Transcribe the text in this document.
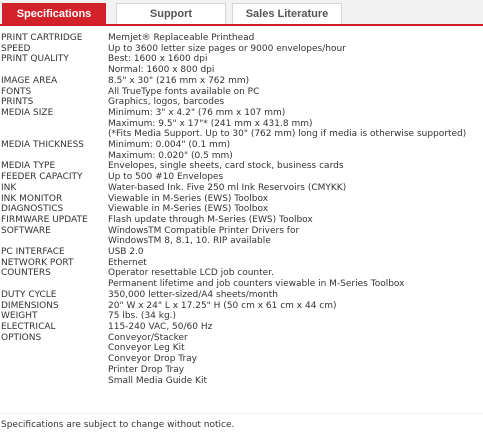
Specifications	Support	Sales Literature
PRINT CARTRIDGE	Memjet® Replaceable Printhead
SPEED	Up to 3600 letter size pages or 9000 envelopes/hour
PRINT QUALITY	Best: 1600 x 1600 dpi
Normal: 1600 x 800 dpi
IMAGE AREA	8.5" x 30" (216 mm x 762 mm)
FONTS	All TrueType fonts available on PC
PRINTS	Graphics, logos, barcodes
MEDIA SIZE	Minimum: 3" x 4.2" (76 mm x 107 mm)
Maximum: 9.5" x 17"* (241 mm x 431.8 mm)
(*Fits Media Support. Up to 30" (762 mm) long if media is otherwise supported)
MEDIA THICKNESS	Minimum: 0.004" (0.1 mm)
Maximum: 0.020" (0.5 mm)
MEDIA TYPE	Envelopes, single sheets, card stock, business cards
FEEDER CAPACITY	Up to 500 #10 Envelopes
INK	Water-based Ink. Five 250 ml Ink Reservoirs (CMYKK)
INK MONITOR	Viewable in M-Series (EWS) Toolbox
DIAGNOSTICS	Viewable in M-Series (EWS) Toolbox
FIRMWARE UPDATE	Flash update through M-Series (EWS) Toolbox
SOFTWARE	WindowsTM Compatible Printer Drivers for
WindowsTM 8, 8.1, 10. RIP available
PC INTERFACE	USB 2.0
NETWORK PORT	Ethernet
COUNTERS	Operator resettable LCD job counter.
Permanent lifetime and job counters viewable in M-Series Toolbox
DUTY CYCLE	350,000 letter-sized/A4 sheets/month
DIMENSIONS	20" W x 24" L x 17.25" H (50 cm x 61 cm x 44 cm)
WEIGHT	75 lbs. (34 kg.)
ELECTRICAL	115-240 VAC, 50/60 Hz
OPTIONS	Conveyor/Stacker
Conveyor Leg Kit
Conveyor Drop Tray
Printer Drop Tray
Small Media Guide Kit
Specifications are subject to change without notice.
